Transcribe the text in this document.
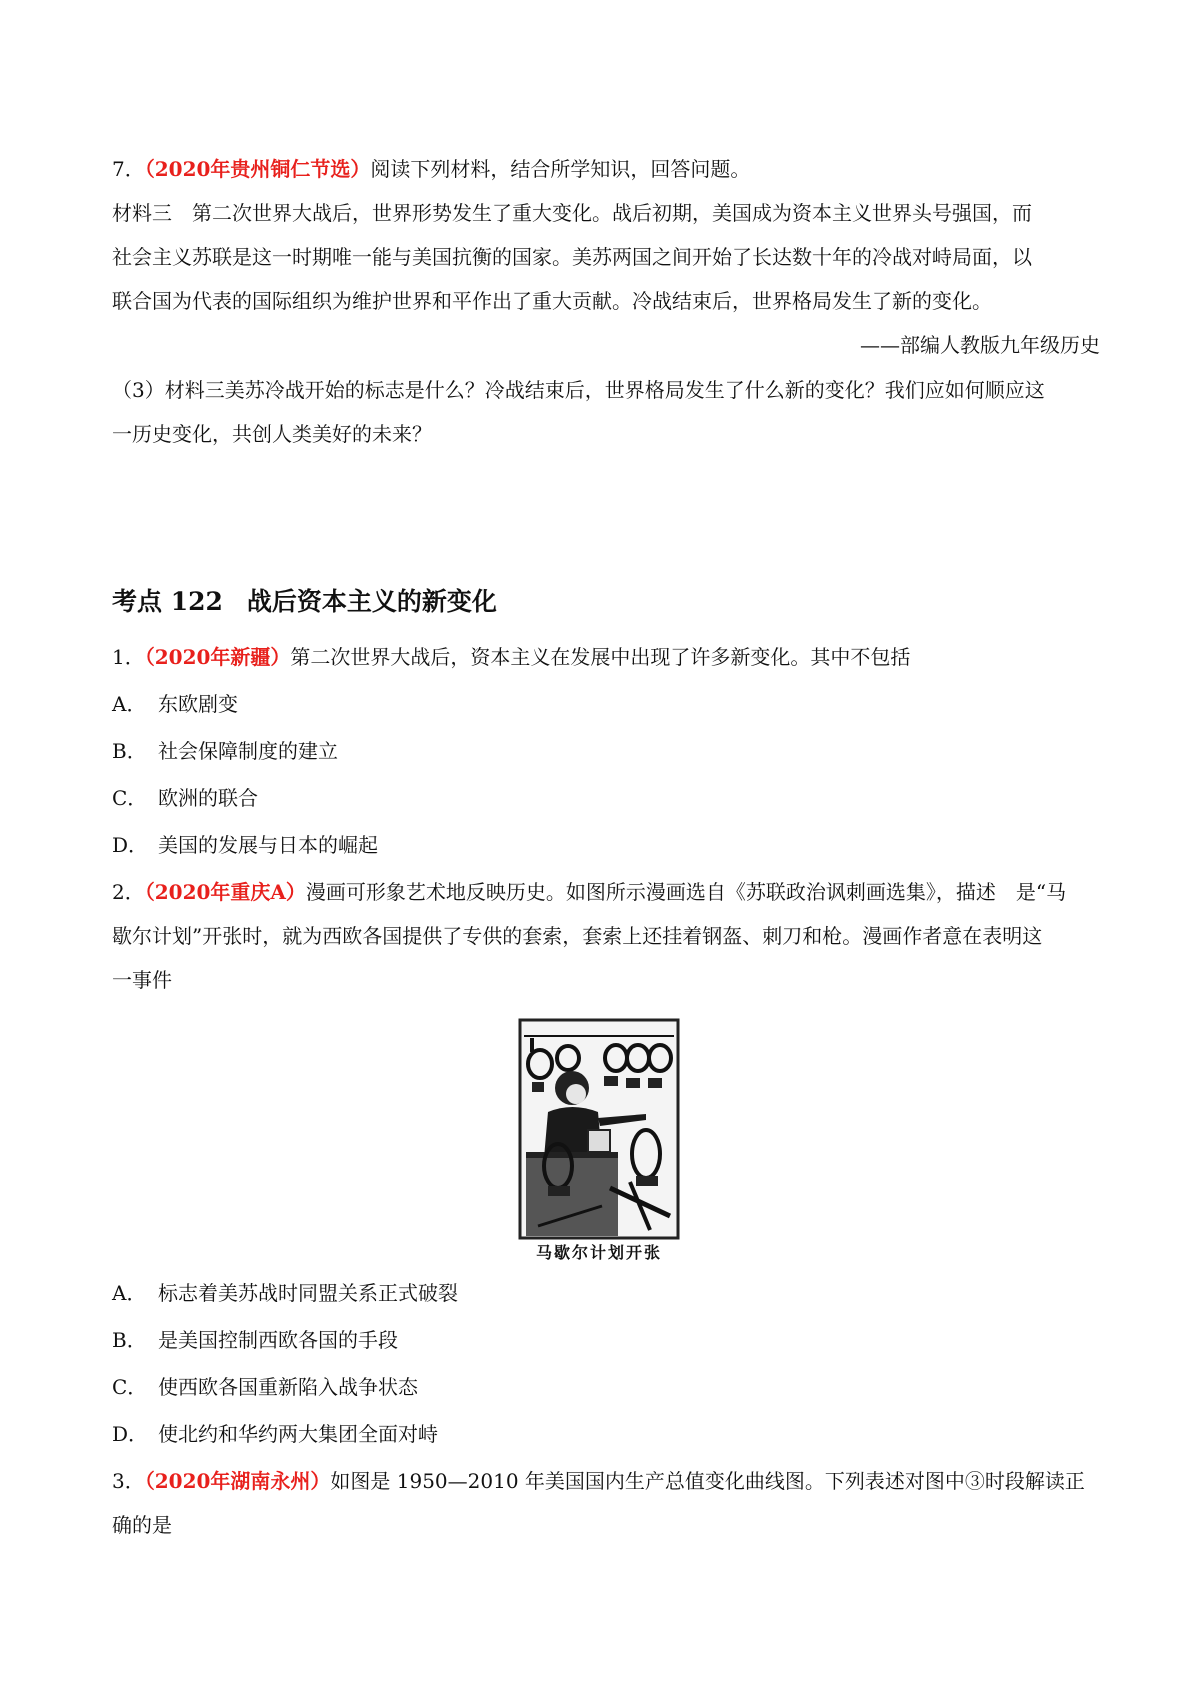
7．（2020年贵州铜仁节选）阅读下列材料，结合所学知识，回答问题。
材料三　第二次世界大战后，世界形势发生了重大变化。战后初期，美国成为资本主义世界头号强国，而
社会主义苏联是这一时期唯一能与美国抗衡的国家。美苏两国之间开始了长达数十年的冷战对峙局面，以
联合国为代表的国际组织为维护世界和平作出了重大贡献。冷战结束后，世界格局发生了新的变化。
——部编人教版九年级历史
（3）材料三美苏冷战开始的标志是什么？冷战结束后，世界格局发生了什么新的变化？我们应如何顺应这
一历史变化，共创人类美好的未来？
考点 122 战后资本主义的新变化
1．（2020年新疆）第二次世界大战后，资本主义在发展中出现了许多新变化。其中不包括
A． 东欧剧变
B． 社会保障制度的建立
C． 欧洲的联合
D． 美国的发展与日本的崛起
2．（2020年重庆A）漫画可形象艺术地反映历史。如图所示漫画选自《苏联政治讽刺画选集》，描述　是“马
歇尔计划”开张时，就为西欧各国提供了专供的套索，套索上还挂着钢盔、刺刀和枪。漫画作者意在表明这
一事件
马歇尔计划开张
A． 标志着美苏战时同盟关系正式破裂
B． 是美国控制西欧各国的手段
C． 使西欧各国重新陷入战争状态
D． 使北约和华约两大集团全面对峙
3．（2020年湖南永州）如图是 1950—2010 年美国国内生产总值变化曲线图。下列表述对图中③时段解读正
确的是
